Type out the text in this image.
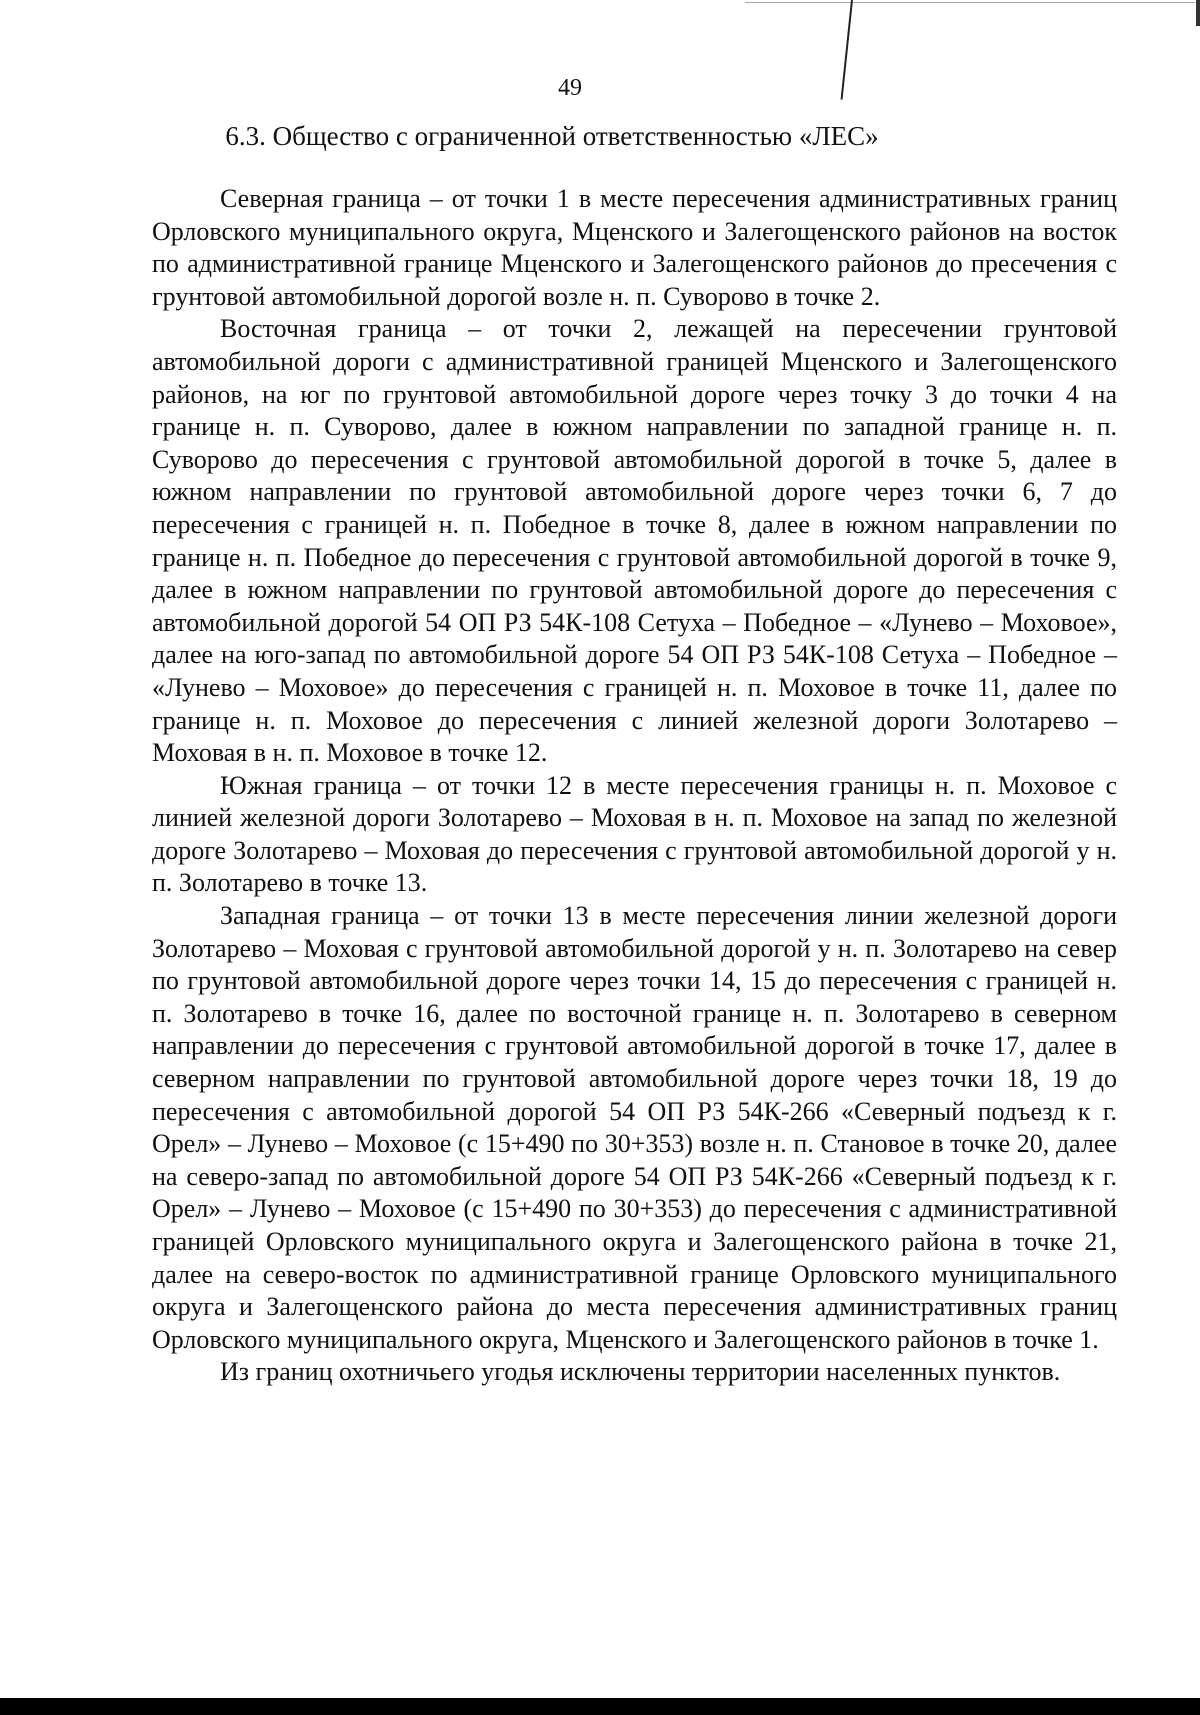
49
6.3. Общество с ограниченной ответственностью «ЛЕС»

Северная граница – от точки 1 в месте пересечения административных границ Орловского муниципального округа, Мценского и Залегощенского районов на восток по административной границе Мценского и Залегощенского районов до пресечения с грунтовой автомобильной дорогой возле н. п. Суворово в точке 2.

Восточная граница – от точки 2, лежащей на пересечении грунтовой автомобильной дороги с административной границей Мценского и Залегощенского районов, на юг по грунтовой автомобильной дороге через точку 3 до точки 4 на границе н. п. Суворово, далее в южном направлении по западной границе н. п. Суворово до пересечения с грунтовой автомобильной дорогой в точке 5, далее в южном направлении по грунтовой автомобильной дороге через точки 6, 7 до пересечения с границей н. п. Победное в точке 8, далее в южном направлении по границе н. п. Победное до пересечения с грунтовой автомобильной дорогой в точке 9, далее в южном направлении по грунтовой автомобильной дороге до пересечения с автомобильной дорогой 54 ОП РЗ 54К-108 Сетуха – Победное – «Лунево – Моховое», далее на юго-запад по автомобильной дороге 54 ОП РЗ 54К-108 Сетуха – Победное – «Лунево – Моховое» до пересечения с границей н. п. Моховое в точке 11, далее по границе н. п. Моховое до пересечения с линией железной дороги Золотарево – Моховая в н. п. Моховое в точке 12.

Южная граница – от точки 12 в месте пересечения границы н. п. Моховое с линией железной дороги Золотарево – Моховая в н. п. Моховое на запад по железной дороге Золотарево – Моховая до пересечения с грунтовой автомобильной дорогой у н. п. Золотарево в точке 13.

Западная граница – от точки 13 в месте пересечения линии железной дороги Золотарево – Моховая с грунтовой автомобильной дорогой у н. п. Золотарево на север по грунтовой автомобильной дороге через точки 14, 15 до пересечения с границей н. п. Золотарево в точке 16, далее по восточной границе н. п. Золотарево в северном направлении до пересечения с грунтовой автомобильной дорогой в точке 17, далее в северном направлении по грунтовой автомобильной дороге через точки 18, 19 до пересечения с автомобильной дорогой 54 ОП РЗ 54К-266 «Северный подъезд к г. Орел» – Лунево – Моховое (с 15+490 по 30+353) возле н. п. Становое в точке 20, далее на северо-запад по автомобильной дороге 54 ОП РЗ 54К-266 «Северный подъезд к г. Орел» – Лунево – Моховое (с 15+490 по 30+353) до пересечения с административной границей Орловского муниципального округа и Залегощенского района в точке 21, далее на северо-восток по административной границе Орловского муниципального округа и Залегощенского района до места пересечения административных границ Орловского муниципального округа, Мценского и Залегощенского районов в точке 1.

Из границ охотничьего угодья исключены территории населенных пунктов.
